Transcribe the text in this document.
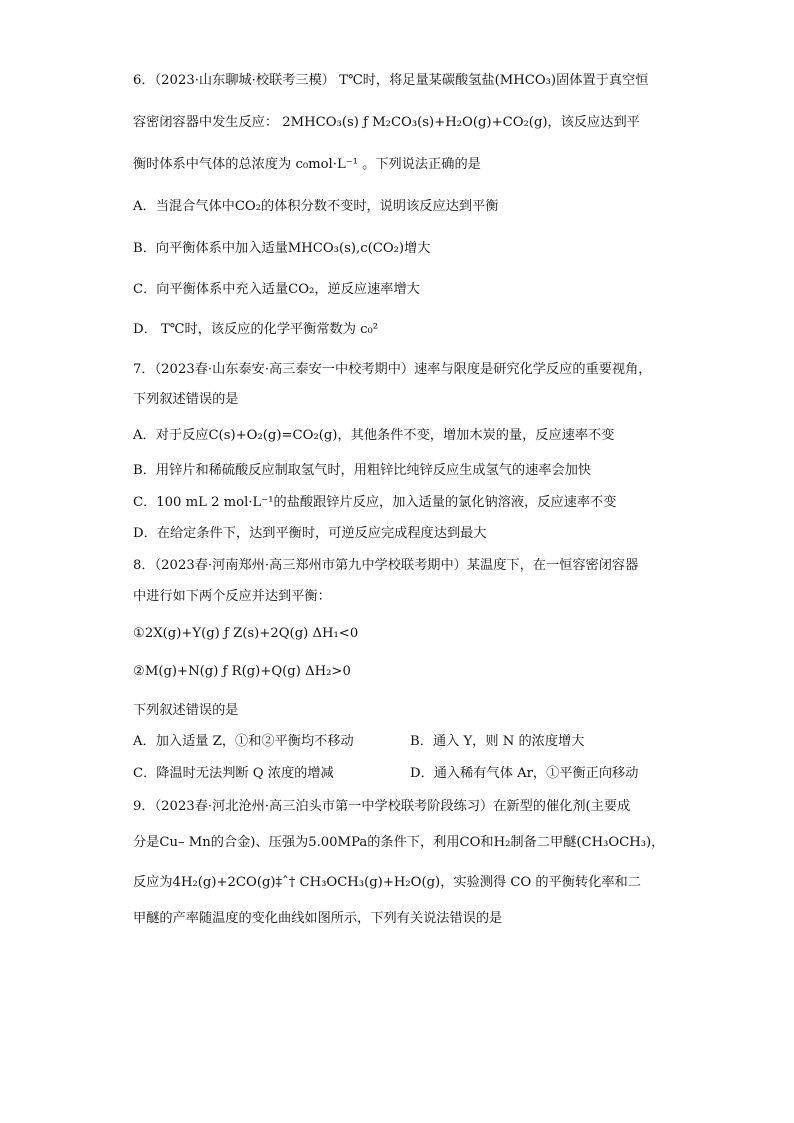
6．（2023·山东聊城·校联考三模） T℃时，将足量某碳酸氢盐(MHCO₃)固体置于真空恒
容密闭容器中发生反应： 2MHCO₃(s) ƒ M₂CO₃(s)+H₂O(g)+CO₂(g)，该反应达到平
衡时体系中气体的总浓度为 c₀mol·L⁻¹ 。下列说法正确的是
A．当混合气体中CO₂的体积分数不变时，说明该反应达到平衡
B．向平衡体系中加入适量MHCO₃(s),c(CO₂)增大
C．向平衡体系中充入适量CO₂，逆反应速率增大
D． T℃时，该反应的化学平衡常数为 c₀²
7．（2023春·山东泰安·高三泰安一中校考期中）速率与限度是研究化学反应的重要视角，
下列叙述错误的是
A．对于反应C(s)+O₂(g)=CO₂(g)，其他条件不变，增加木炭的量，反应速率不变
B．用锌片和稀硫酸反应制取氢气时，用粗锌比纯锌反应生成氢气的速率会加快
C．100 mL 2 mol·L⁻¹的盐酸跟锌片反应，加入适量的氯化钠溶液，反应速率不变
D．在给定条件下，达到平衡时，可逆反应完成程度达到最大
8．（2023春·河南郑州·高三郑州市第九中学校联考期中）某温度下，在一恒容密闭容器
中进行如下两个反应并达到平衡：
①2X(g)+Y(g) ƒ Z(s)+2Q(g) ΔH₁<0
②M(g)+N(g) ƒ R(g)+Q(g) ΔH₂>0
下列叙述错误的是
A．加入适量 Z，①和②平衡均不移动	B．通入 Y，则 N 的浓度增大
C．降温时无法判断 Q 浓度的增减	D．通入稀有气体 Ar，①平衡正向移动
9．（2023春·河北沧州·高三泊头市第一中学校联考阶段练习）在新型的催化剂(主要成
分是Cu– Mn的合金)、压强为5.00MPa的条件下，利用CO和H₂制备二甲醚(CH₃OCH₃)，
反应为4H₂(g)+2CO(g)‡ˆ† CH₃OCH₃(g)+H₂O(g)，实验测得 CO 的平衡转化率和二
甲醚的产率随温度的变化曲线如图所示，下列有关说法错误的是
